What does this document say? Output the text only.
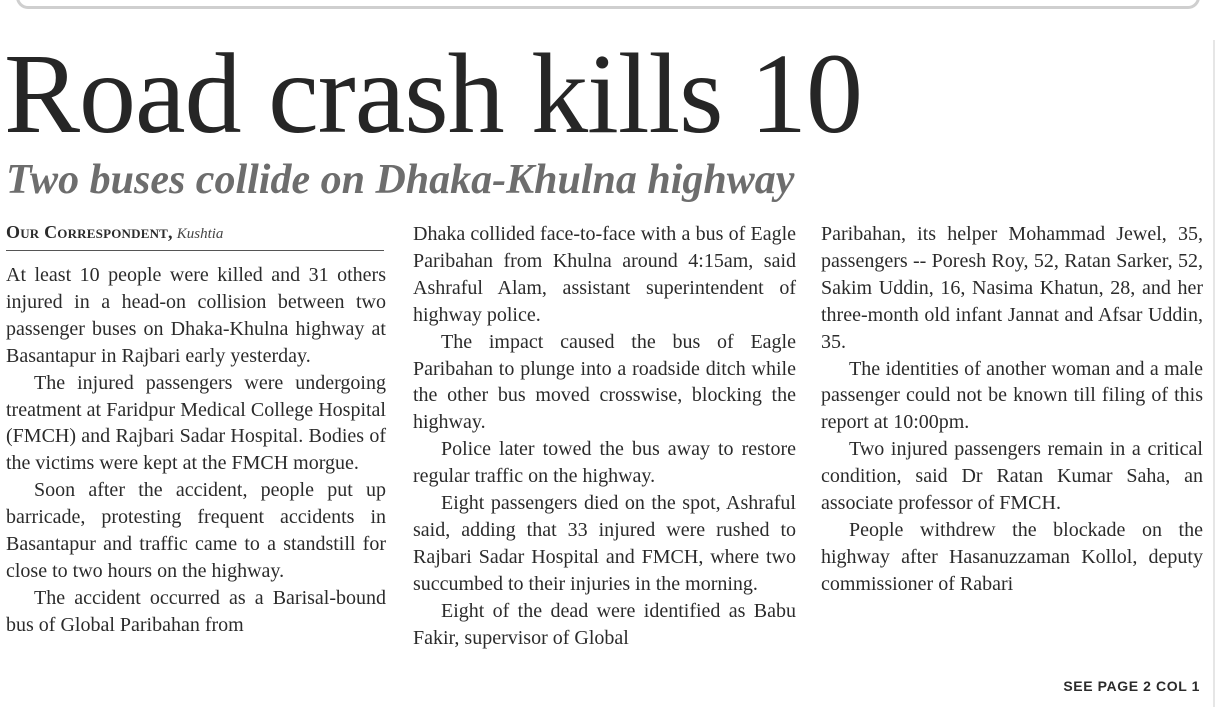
Road crash kills 10
Two buses collide on Dhaka-Khulna highway
Our Correspondent, Kushtia

At least 10 people were killed and 31 others injured in a head-on collision between two passenger buses on Dhaka-Khulna highway at Basantapur in Rajbari early yesterday.

The injured passengers were undergoing treatment at Faridpur Medical College Hospital (FMCH) and Rajbari Sadar Hospital. Bodies of the victims were kept at the FMCH morgue.

Soon after the accident, people put up barricade, protesting frequent accidents in Basantapur and traffic came to a standstill for close to two hours on the highway.

The accident occurred as a Barisal-bound bus of Global Paribahan from

Dhaka collided face-to-face with a bus of Eagle Paribahan from Khulna around 4:15am, said Ashraful Alam, assistant superintendent of highway police.

The impact caused the bus of Eagle Paribahan to plunge into a roadside ditch while the other bus moved crosswise, blocking the highway.

Police later towed the bus away to restore regular traffic on the highway.

Eight passengers died on the spot, Ashraful said, adding that 33 injured were rushed to Rajbari Sadar Hospital and FMCH, where two succumbed to their injuries in the morning.

Eight of the dead were identified as Babu Fakir, supervisor of Global

Paribahan, its helper Mohammad Jewel, 35, passengers -- Poresh Roy, 52, Ratan Sarker, 52, Sakim Uddin, 16, Nasima Khatun, 28, and her three-month old infant Jannat and Afsar Uddin, 35.

The identities of another woman and a male passenger could not be known till filing of this report at 10:00pm.

Two injured passengers remain in a critical condition, said Dr Ratan Kumar Saha, an associate professor of FMCH.

People withdrew the blockade on the highway after Hasanuzzaman Kollol, deputy commissioner of Rabari

SEE PAGE 2 COL 1
